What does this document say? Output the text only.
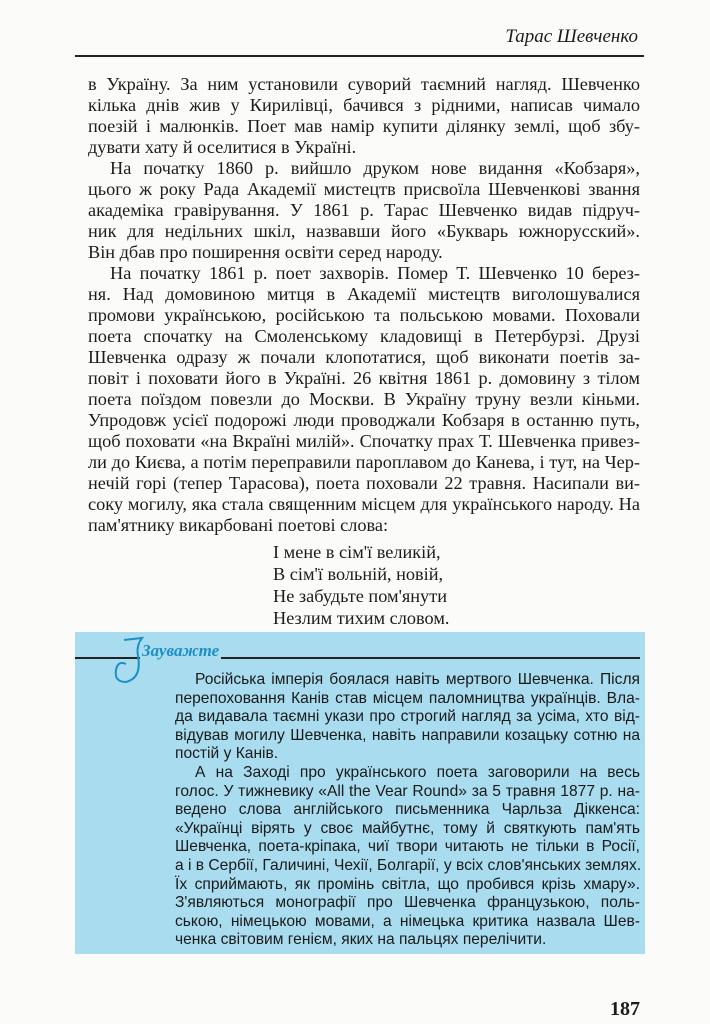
Тарас Шевченко
в Україну. За ним установили суворий таємний нагляд. Шевченко
кілька днів жив у Кирилівці, бачився з рідними, написав чимало
поезій і малюнків. Поет мав намір купити ділянку землі, щоб збу-
дувати хату й оселитися в Україні.
На початку 1860 р. вийшло друком нове видання «Кобзаря»,
цього ж року Рада Академії мистецтв присвоїла Шевченкові звання
академіка гравірування. У 1861 р. Тарас Шевченко видав підруч-
ник для недільних шкіл, назвавши його «Букварь южнорусский».
Він дбав про поширення освіти серед народу.
На початку 1861 р. поет захворів. Помер Т. Шевченко 10 берез-
ня. Над домовиною митця в Академії мистецтв виголошувалися
промови українською, російською та польською мовами. Поховали
поета спочатку на Смоленському кладовищі в Петербурзі. Друзі
Шевченка одразу ж почали клопотатися, щоб виконати поетів за-
повіт і поховати його в Україні. 26 квітня 1861 р. домовину з тілом
поета поїздом повезли до Москви. В Україну труну везли кіньми.
Упродовж усієї подорожі люди проводжали Кобзаря в останню путь,
щоб поховати «на Вкраїні милій». Спочатку прах Т. Шевченка привез-
ли до Києва, а потім переправили пароплавом до Канева, і тут, на Чер-
нечій горі (тепер Тарасова), поета поховали 22 травня. Насипали ви-
соку могилу, яка стала священним місцем для українського народу. На
пам'ятнику викарбовані поетові слова:
І мене в сім'ї великій,
В сім'ї вольній, новій,
Не забудьте пом'янути
Незлим тихим словом.
Зауважте
Російська імперія боялася навіть мертвого Шевченка. Після
перепоховання Канів став місцем паломництва українців. Вла-
да видавала таємні укази про строгий нагляд за усіма, хто від-
відував могилу Шевченка, навіть направили козацьку сотню на
постій у Канів.
А на Заході про українського поета заговорили на весь
голос. У тижневику «All the Vear Round» за 5 травня 1877 р. на-
ведено слова англійського письменника Чарльза Діккенса:
«Українці вірять у своє майбутнє, тому й святкують пам'ять
Шевченка, поета-кріпака, чиї твори читають не тільки в Росії,
а і в Сербії, Галичині, Чехії, Болгарії, у всіх слов'янських землях.
Їх сприймають, як промінь світла, що пробився крізь хмару».
З'являються монографії про Шевченка французькою, поль-
ською, німецькою мовами, а німецька критика назвала Шев-
ченка світовим генієм, яких на пальцях перелічити.
187
